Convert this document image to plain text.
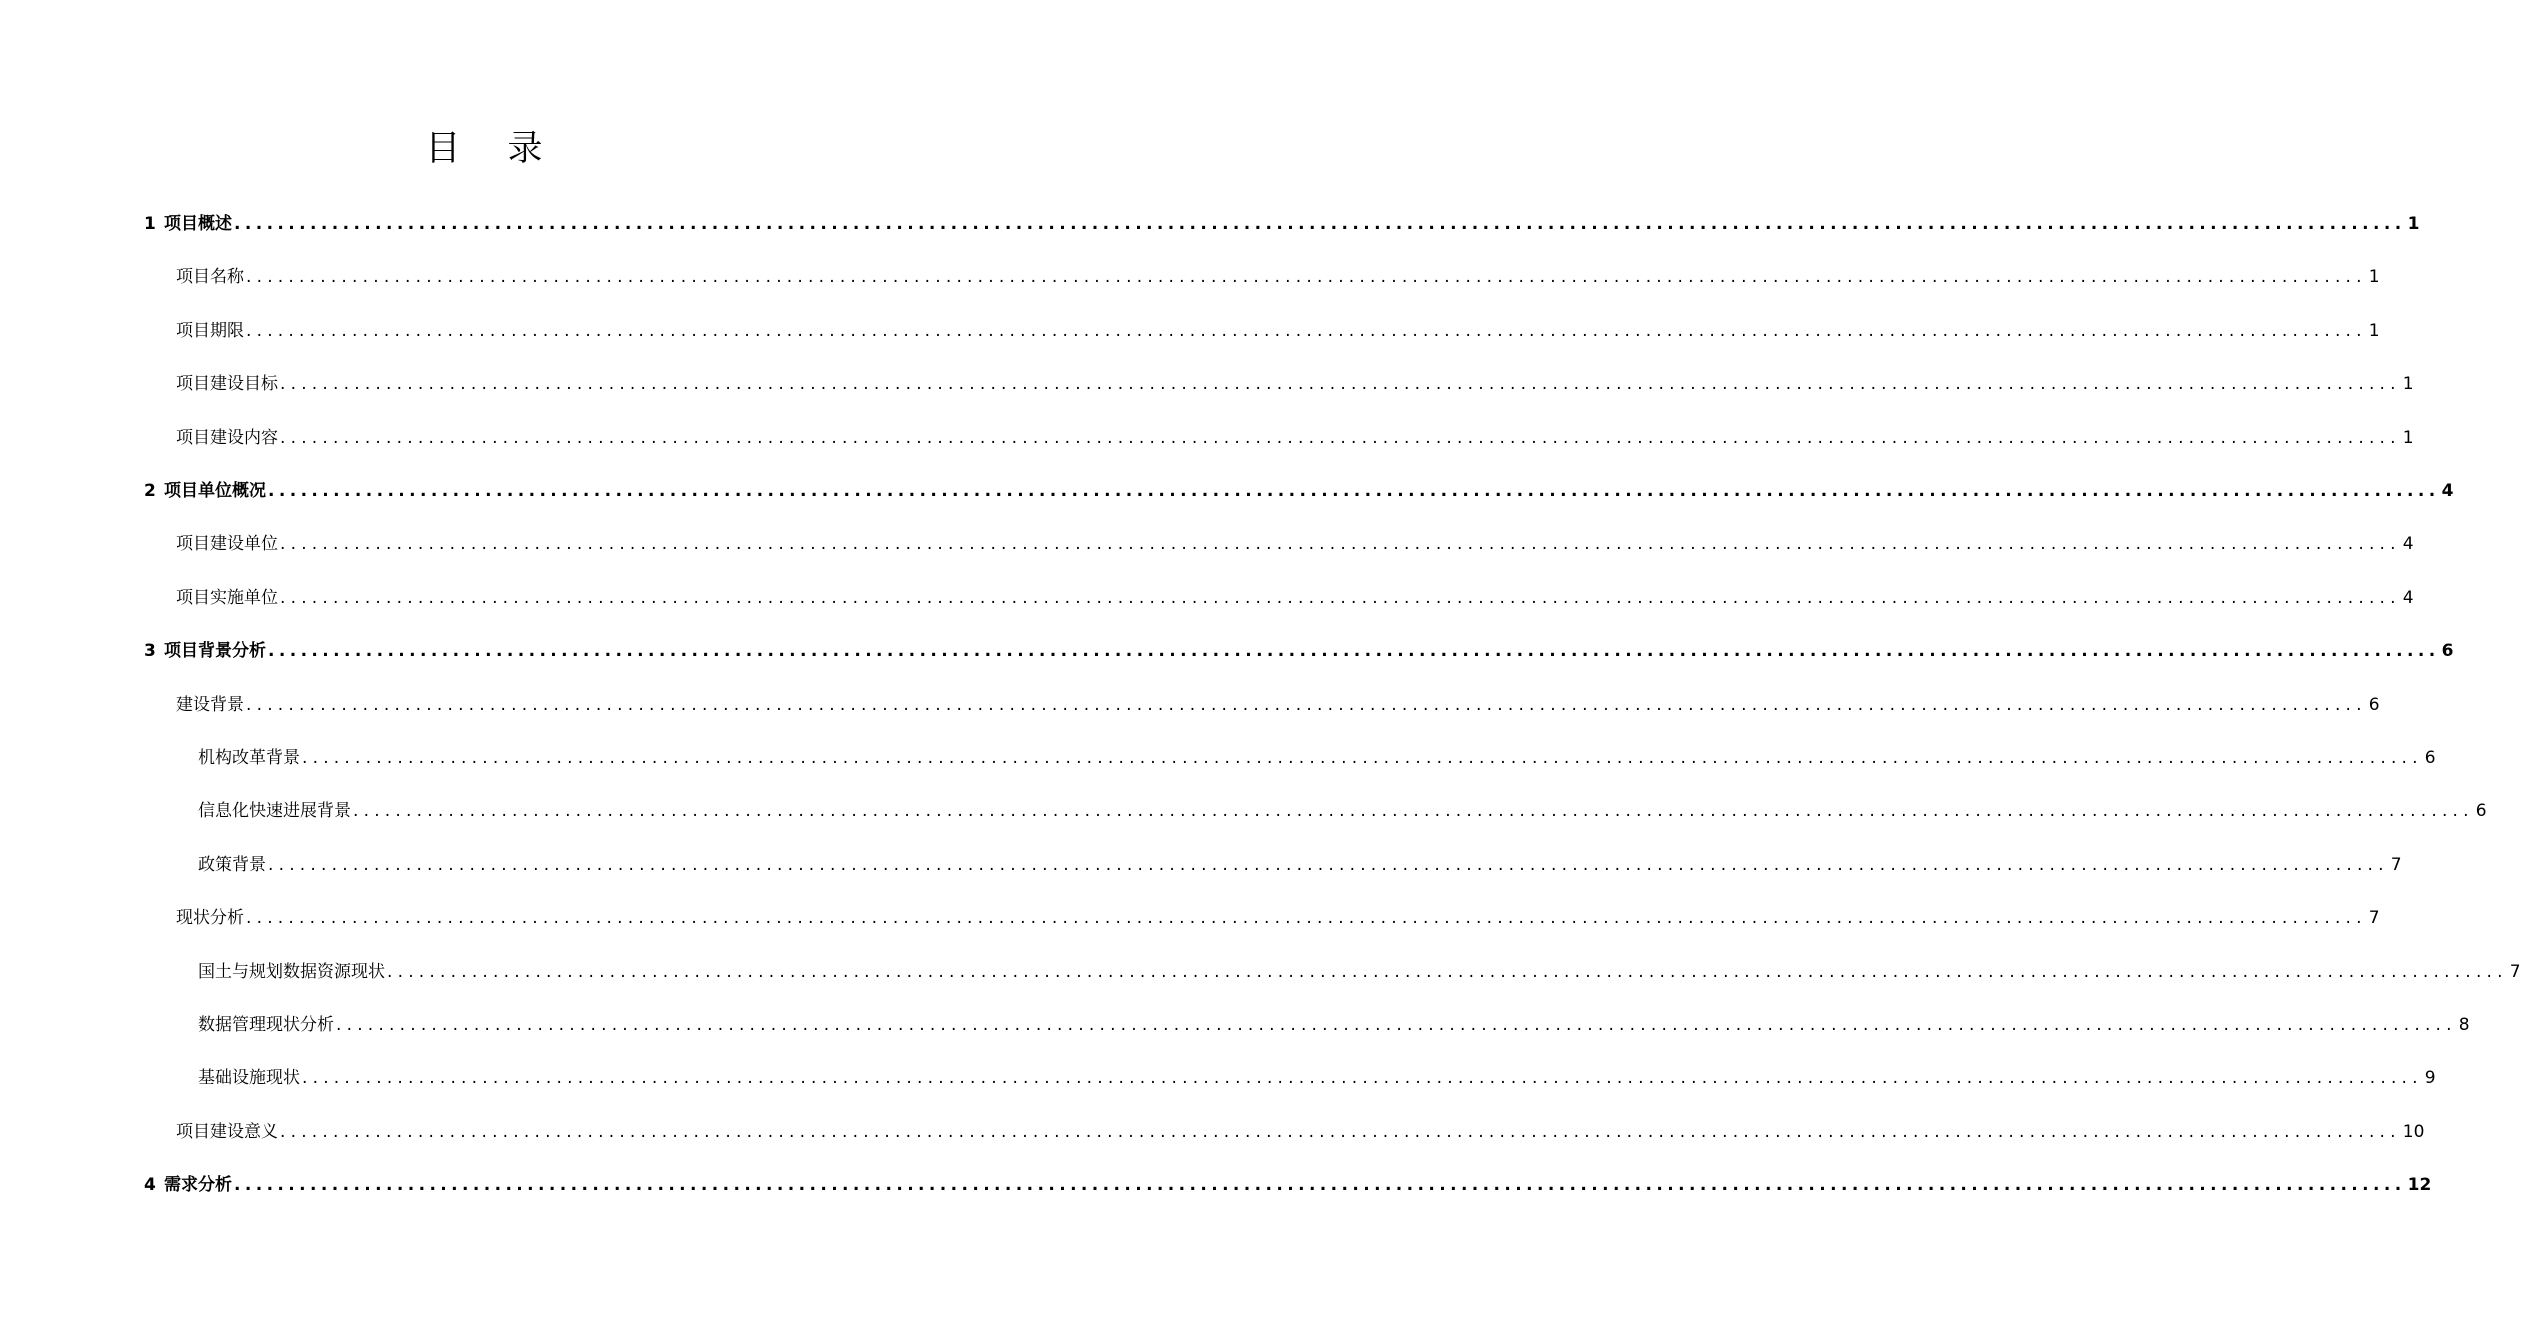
目 录
1 项目概述 ........................................................................................................................................................................................................ 1
项目名称 ........................................................................................................................................................................................................ 1
项目期限 ........................................................................................................................................................................................................ 1
项目建设目标 ........................................................................................................................................................................................................ 1
项目建设内容 ........................................................................................................................................................................................................ 1
2 项目单位概况 ........................................................................................................................................................................................................ 4
项目建设单位 ........................................................................................................................................................................................................ 4
项目实施单位 ........................................................................................................................................................................................................ 4
3 项目背景分析 ........................................................................................................................................................................................................ 6
建设背景 ........................................................................................................................................................................................................ 6
机构改革背景 ........................................................................................................................................................................................................ 6
信息化快速进展背景 ........................................................................................................................................................................................................ 6
政策背景 ........................................................................................................................................................................................................ 7
现状分析 ........................................................................................................................................................................................................ 7
国土与规划数据资源现状 ........................................................................................................................................................................................................ 7
数据管理现状分析 ........................................................................................................................................................................................................ 8
基础设施现状 ........................................................................................................................................................................................................ 9
项目建设意义 ........................................................................................................................................................................................................ 10
4 需求分析 ........................................................................................................................................................................................................ 12
